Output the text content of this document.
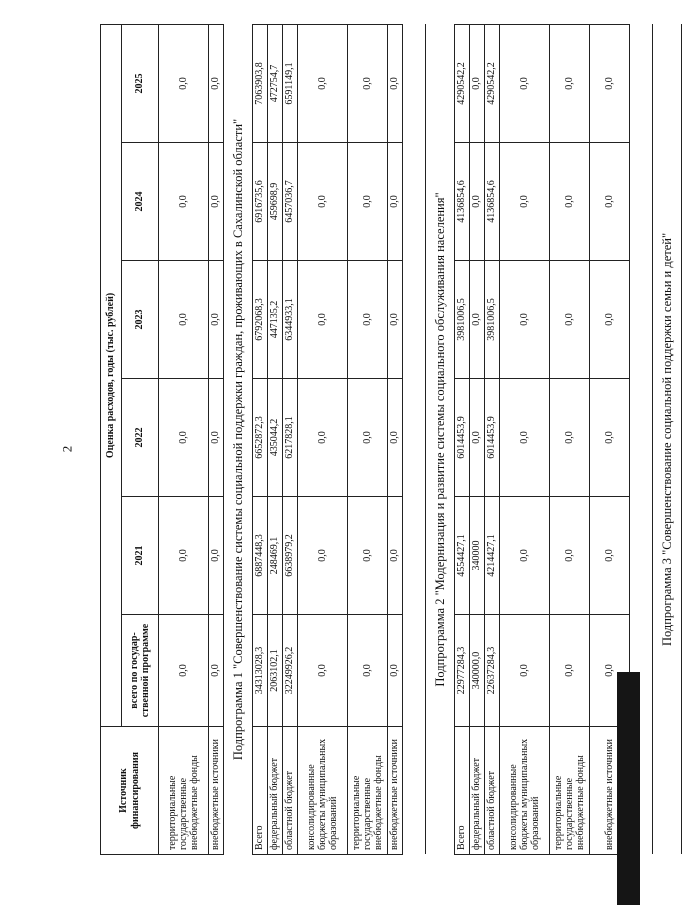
2
Источник финансирования	Оценка расходов, годы (тыс. рублей)					
	всего по государ-ственной программе	2021	2022	2023	2024	2025
территориальные государственные внебюджетные фонды	0,0	0,0	0,0	0,0	0,0	0,0
внебюджетные источники	0,0	0,0	0,0	0,0	0,0	0,0
Подпрограмма 1 "Совершенствование системы социальной поддержки граждан, проживающих в Сахалинской области"						
Всего	34313028,3	6887448,3	6652872,3	6792068,3	6916735,6	7063903,8
федеральный бюджет	2063102,1	248469,1	435044,2	447135,2	459698,9	472754,7
областной бюджет	32249926,2	6638979,2	6217828,1	6344933,1	6457036,7	6591149,1
консолидированные бюджеты муниципальных образований	0,0	0,0	0,0	0,0	0,0	0,0
территориальные государственные внебюджетные фонды	0,0	0,0	0,0	0,0	0,0	0,0
внебюджетные источники	0,0	0,0	0,0	0,0	0,0	0,0

Подпрограмма 2 "Модернизация и развитие системы социального обслуживания населения"						
Всего	22977284,3	4554427,1	6014453,9	3981006,5	4136854,6	4290542,2
федеральный бюджет	340000,0	340000	0,0	0,0	0,0	0,0
областной бюджет	22637284,3	4214427,1	6014453,9	3981006,5	4136854,6	4290542,2
консолидированные бюджеты муниципальных образований	0,0	0,0	0,0	0,0	0,0	0,0
территориальные государственные внебюджетные фонды	0,0	0,0	0,0	0,0	0,0	0,0
внебюджетные источники	0,0	0,0	0,0	0,0	0,0	0,0

Подпрограмма 3 "Совершенствование социальной поддержки семьи и детей"						
